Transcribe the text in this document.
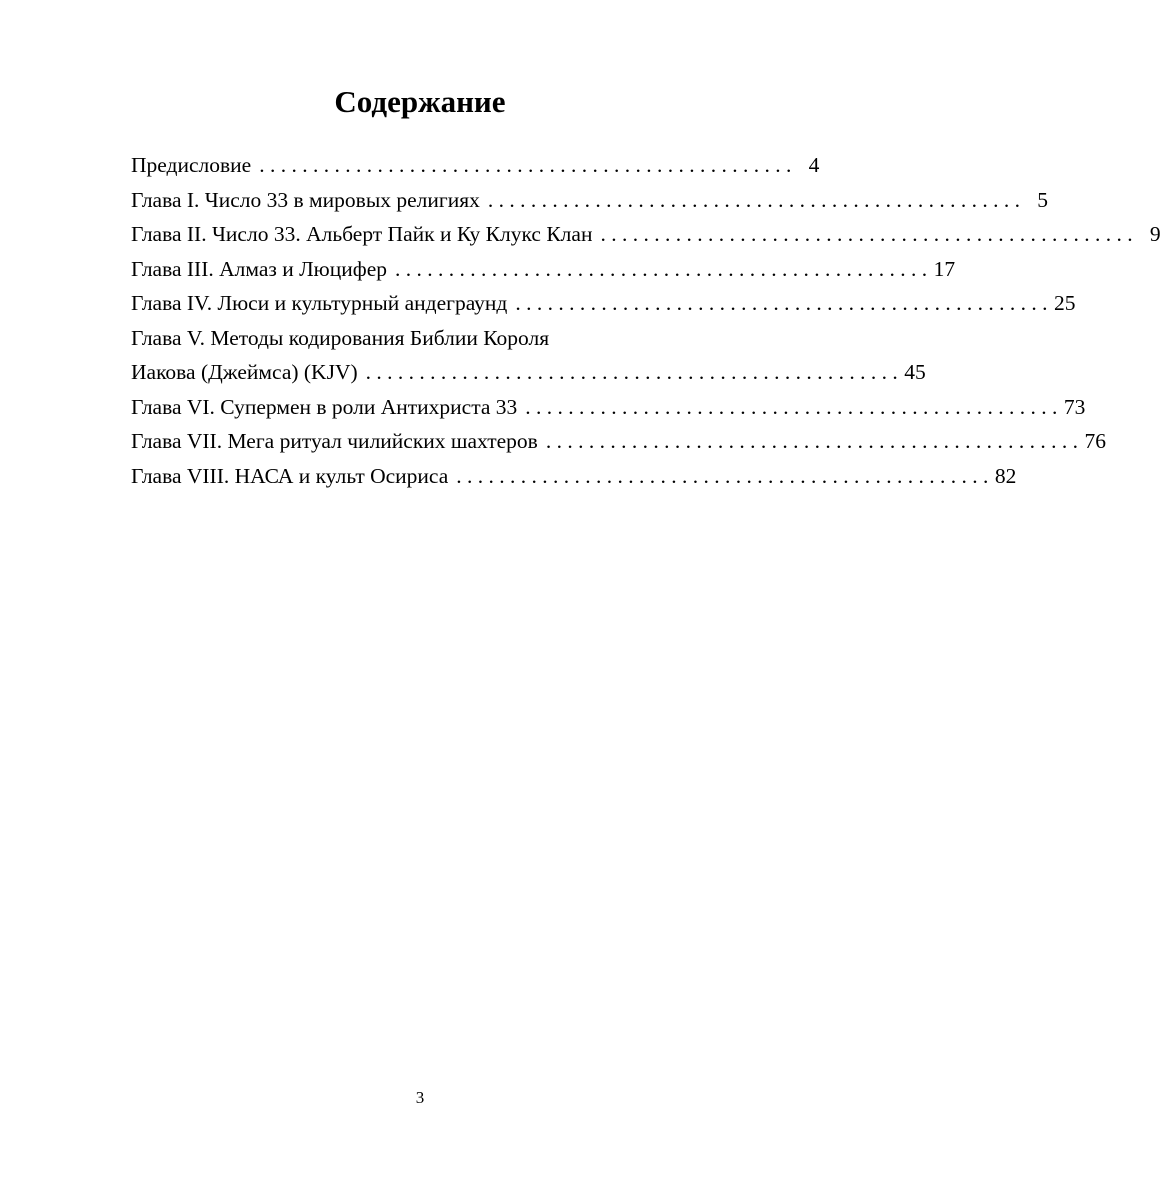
Содержание
Предисловие . . . . . . . . . . . . . . . . . . . . . . . . . . . . . . . . . . . . . . . . . . . . . . . . . . 4
Глава I. Число 33 в мировых религиях . . . . . . . . . . . . . . . . . . . . . . . . . . . . . . . . . . . . . . . . . . . . . . . . . . 5
Глава II. Число 33. Альберт Пайк и Ку Клукс Клан . . . . . . . . . . . . . . . . . . . . . . . . . . . . . . . . . . . . . . . . . . . . . . . . . . 9
Глава III. Алмаз и Люцифер . . . . . . . . . . . . . . . . . . . . . . . . . . . . . . . . . . . . . . . . . . . . . . . . . . 17
Глава IV. Люси и культурный андеграунд . . . . . . . . . . . . . . . . . . . . . . . . . . . . . . . . . . . . . . . . . . . . . . . . . . 25
Глава V. Методы кодирования Библии Короля
Иакова (Джеймса) (KJV) . . . . . . . . . . . . . . . . . . . . . . . . . . . . . . . . . . . . . . . . . . . . . . . . . . 45
Глава VI. Супермен в роли Антихриста 33 . . . . . . . . . . . . . . . . . . . . . . . . . . . . . . . . . . . . . . . . . . . . . . . . . . 73
Глава VII. Мега ритуал чилийских шахтеров . . . . . . . . . . . . . . . . . . . . . . . . . . . . . . . . . . . . . . . . . . . . . . . . . . 76
Глава VIII. НАСА и культ Осириса . . . . . . . . . . . . . . . . . . . . . . . . . . . . . . . . . . . . . . . . . . . . . . . . . . 82
3
